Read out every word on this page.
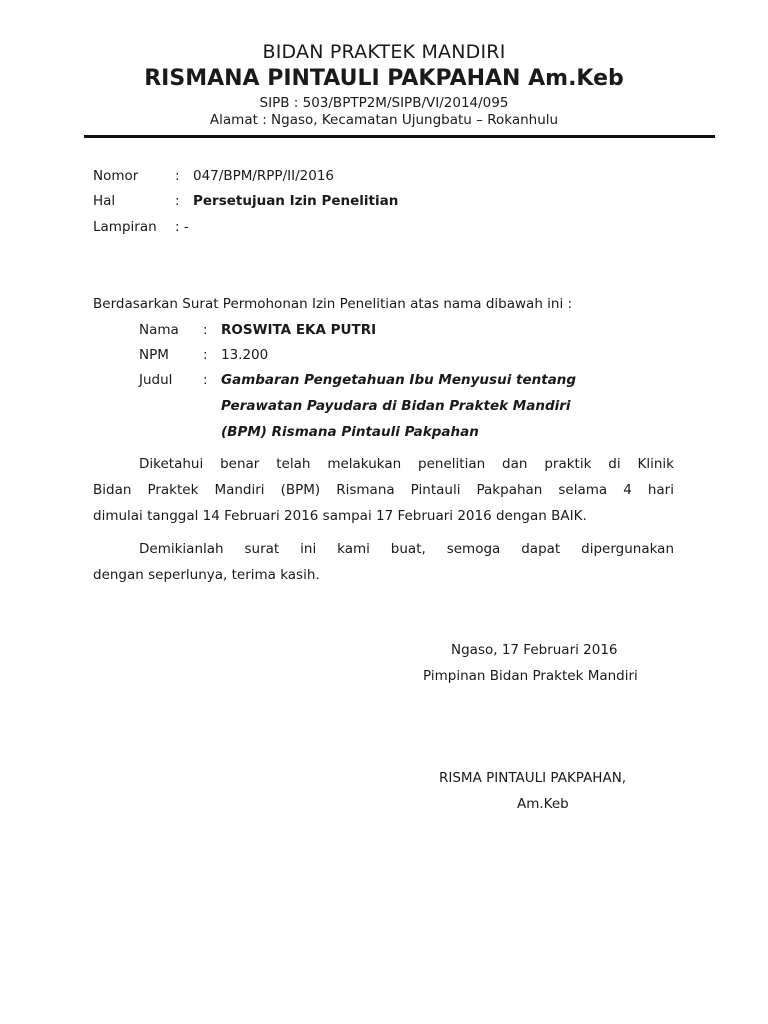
BIDAN PRAKTEK MANDIRI
RISMANA PINTAULI PAKPAHAN Am.Keb
SIPB : 503/BPTP2M/SIPB/VI/2014/095
Alamat : Ngaso, Kecamatan Ujungbatu – Rokanhulu
Nomor	: 047/BPM/RPP/II/2016
Hal	: Persetujuan Izin Penelitian
Lampiran : -
Berdasarkan Surat Permohonan Izin Penelitian atas nama dibawah ini :
Nama : ROSWITA EKA PUTRI
NPM	: 13.200
Judul : Gambaran Pengetahuan Ibu Menyusui tentang
Perawatan Payudara di Bidan Praktek Mandiri
(BPM) Rismana Pintauli Pakpahan
Diketahui benar telah melakukan penelitian dan praktik di Klinik
Bidan Praktek Mandiri (BPM) Rismana Pintauli Pakpahan selama 4 hari
dimulai tanggal 14 Februari 2016 sampai 17 Februari 2016 dengan BAIK.
Demikianlah surat ini kami buat, semoga dapat dipergunakan
dengan seperlunya, terima kasih.
Ngaso, 17 Februari 2016
Pimpinan Bidan Praktek Mandiri
RISMA PINTAULI PAKPAHAN,
Am.Keb
